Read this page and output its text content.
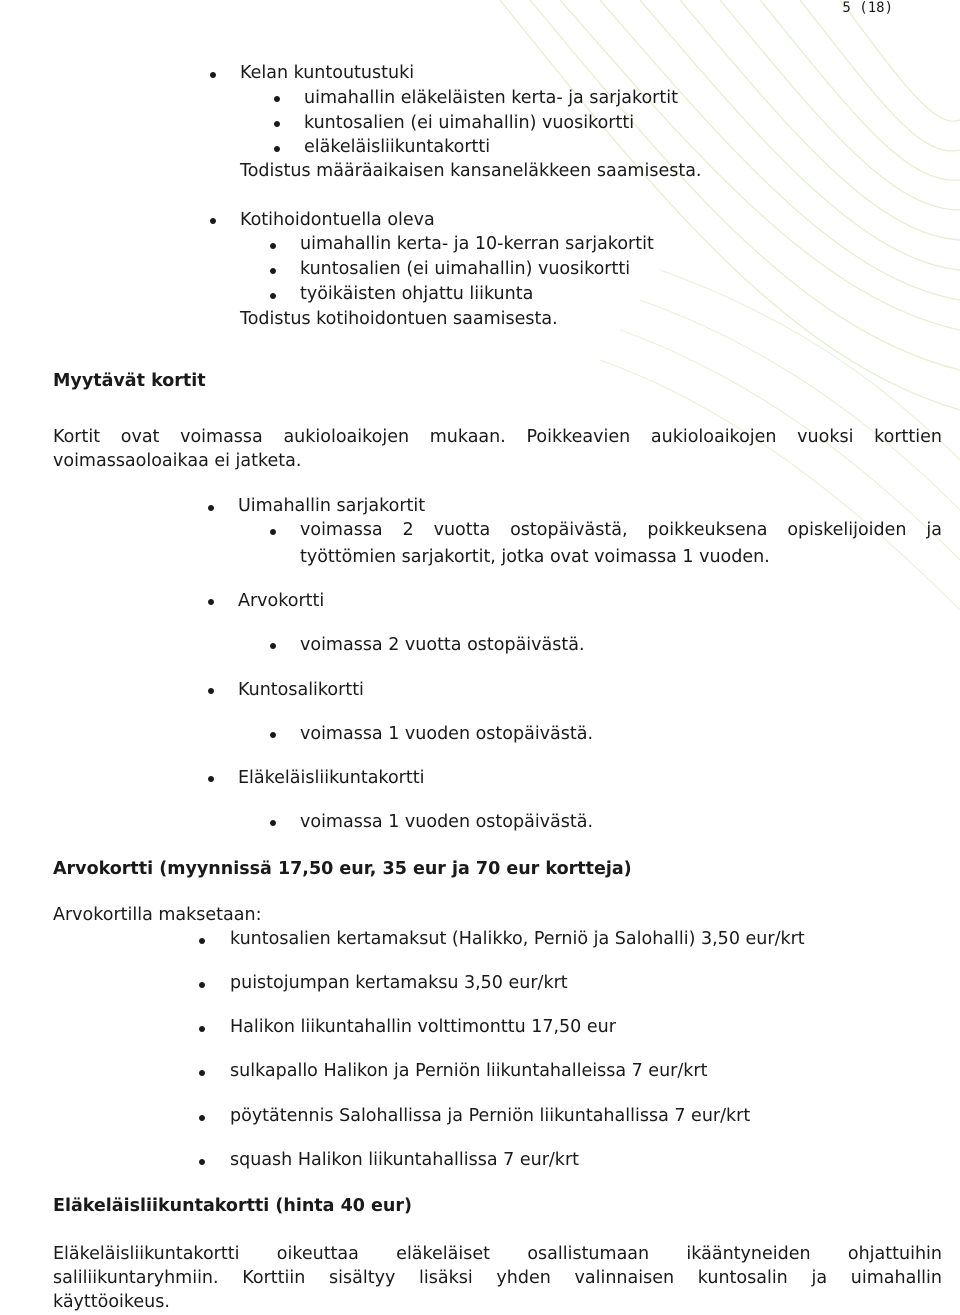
5 (18)
Kelan kuntoutustuki
uimahallin eläkeläisten kerta- ja sarjakortit
kuntosalien (ei uimahallin) vuosikortti
eläkeläisliikuntakortti
Todistus määräaikaisen kansaneläkkeen saamisesta.
Kotihoidontuella oleva
uimahallin kerta- ja 10-kerran sarjakortit
kuntosalien (ei uimahallin) vuosikortti
työikäisten ohjattu liikunta
Todistus kotihoidontuen saamisesta.
Myytävät kortit
Kortit ovat voimassa aukioloaikojen mukaan. Poikkeavien aukioloaikojen vuoksi korttien
voimassaoloaikaa ei jatketa.
Uimahallin sarjakortit
voimassa 2 vuotta ostopäivästä, poikkeuksena opiskelijoiden ja
työttömien sarjakortit, jotka ovat voimassa 1 vuoden.
Arvokortti
voimassa 2 vuotta ostopäivästä.
Kuntosalikortti
voimassa 1 vuoden ostopäivästä.
Eläkeläisliikuntakortti
voimassa 1 vuoden ostopäivästä.
Arvokortti (myynnissä 17,50 eur, 35 eur ja 70 eur kortteja)
Arvokortilla maksetaan:
kuntosalien kertamaksut (Halikko, Perniö ja Salohalli) 3,50 eur/krt
puistojumpan kertamaksu 3,50 eur/krt
Halikon liikuntahallin volttimonttu 17,50 eur
sulkapallo Halikon ja Perniön liikuntahalleissa 7 eur/krt
pöytätennis Salohallissa ja Perniön liikuntahallissa 7 eur/krt
squash Halikon liikuntahallissa 7 eur/krt
Eläkeläisliikuntakortti (hinta 40 eur)
Eläkeläisliikuntakortti oikeuttaa eläkeläiset osallistumaan ikääntyneiden ohjattuihin
saliliikuntaryhmiin. Korttiin sisältyy lisäksi yhden valinnaisen kuntosalin ja uimahallin
käyttöoikeus.
